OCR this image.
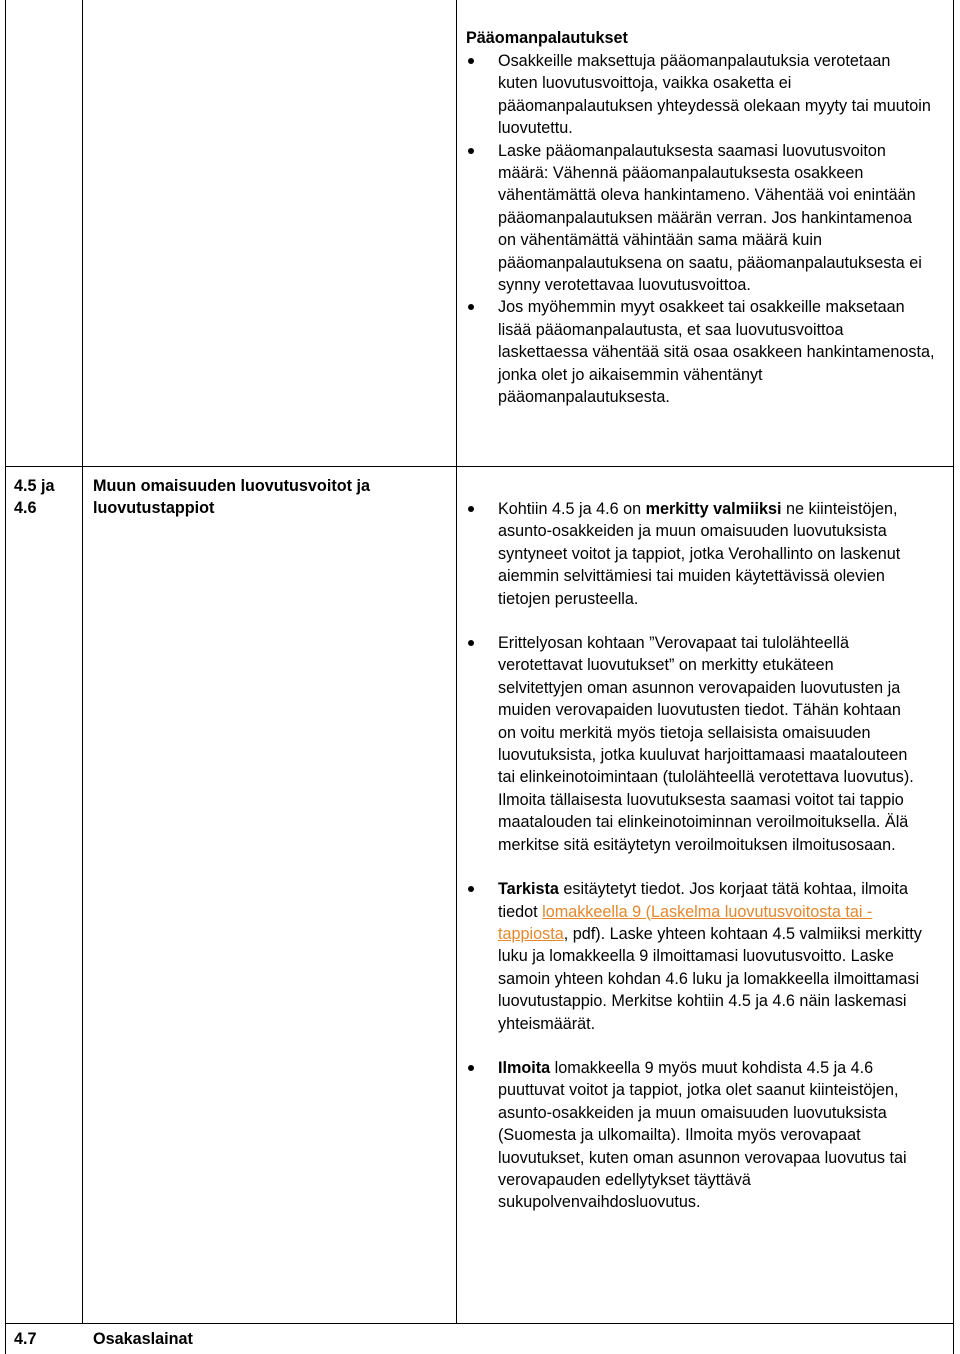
Pääomanpalautukset
Osakkeille maksettuja pääomanpalautuksia verotetaan kuten luovutusvoittoja, vaikka osaketta ei pääomanpalautuksen yhteydessä olekaan myyty tai muutoin luovutettu.
Laske pääomanpalautuksesta saamasi luovutusvoiton määrä: Vähennä pääomanpalautuksesta osakkeen vähentämättä oleva hankintameno. Vähentää voi enintään pääomanpalautuksen määrän verran. Jos hankintamenoa on vähentämättä vähintään sama määrä kuin pääomanpalautuksena on saatu, pääomanpalautuksesta ei synny verotettavaa luovutusvoittoa.
Jos myöhemmin myyt osakkeet tai osakkeille maksetaan lisää pääomanpalautusta, et saa luovutusvoittoa laskettaessa vähentää sitä osaa osakkeen hankintamenosta, jonka olet jo aikaisemmin vähentänyt pääomanpalautuksesta.
4.5 ja 4.6
Muun omaisuuden luovutusvoitot ja luovutustappiot	Kohtiin 4.5 ja 4.6 on merkitty valmiiksi ne kiinteistöjen, asunto-osakkeiden ja muun omaisuuden luovutuksista syntyneet voitot ja tappiot, jotka Verohallinto on laskenut aiemmin selvittämiesi tai muiden käytettävissä olevien tietojen perusteella.
Erittelyosan kohtaan ”Verovapaat tai tulolähteellä verotettavat luovutukset” on merkitty etukäteen selvitettyjen oman asunnon verovapaiden luovutusten ja muiden verovapaiden luovutusten tiedot. Tähän kohtaan on voitu merkitä myös tietoja sellaisista omaisuuden luovutuksista, jotka kuuluvat harjoittamaasi maatalouteen tai elinkeinotoimintaan (tulolähteellä verotettava luovutus). Ilmoita tällaisesta luovutuksesta saamasi voitot tai tappio maatalouden tai elinkeinotoiminnan veroilmoituksella. Älä merkitse sitä esitäytetyn veroilmoituksen ilmoitusosaan.
Tarkista esitäytetyt tiedot. Jos korjaat tätä kohtaa, ilmoita tiedot lomakkeella 9 (Laskelma luovutusvoitosta tai -tappiosta, pdf). Laske yhteen kohtaan 4.5 valmiiksi merkitty luku ja lomakkeella 9 ilmoittamasi luovutusvoitto. Laske samoin yhteen kohdan 4.6 luku ja lomakkeella ilmoittamasi luovutustappio. Merkitse kohtiin 4.5 ja 4.6 näin laskemasi yhteismäärät.
Ilmoita lomakkeella 9 myös muut kohdista 4.5 ja 4.6 puuttuvat voitot ja tappiot, jotka olet saanut kiinteistöjen, asunto-osakkeiden ja muun omaisuuden luovutuksista (Suomesta ja ulkomailta). Ilmoita myös verovapaat luovutukset, kuten oman asunnon verovapaa luovutus tai verovapauden edellytykset täyttävä sukupolvenvaihdosluovutus.
4.7	Osakaslainat
